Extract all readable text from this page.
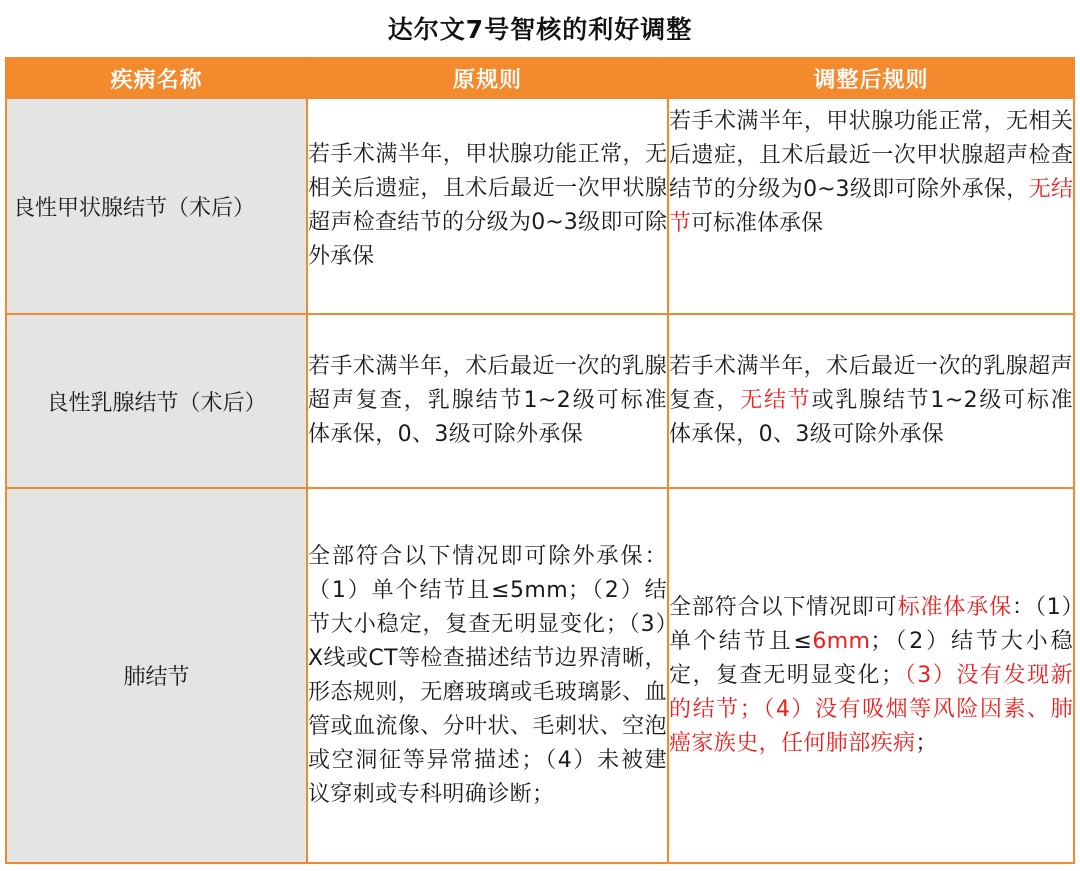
达尔文7号智核的利好调整
疾病名称	原规则	调整后规则
良性甲状腺结节（术后）	若手术满半年，甲状腺功能正常，无相关后遗症，且术后最近一次甲状腺超声检查结节的分级为0~3级即可除外承保	若手术满半年，甲状腺功能正常，无相关后遗症，且术后最近一次甲状腺超声检查结节的分级为0~3级即可除外承保，无结节可标准体承保
良性乳腺结节（术后）	若手术满半年，术后最近一次的乳腺超声复查，乳腺结节1~2级可标准体承保，0、3级可除外承保	若手术满半年，术后最近一次的乳腺超声复查，无结节或乳腺结节1~2级可标准体承保，0、3级可除外承保
肺结节	全部符合以下情况即可除外承保：（1）单个结节且≤5mm；（2）结节大小稳定，复查无明显变化；（3）X线或CT等检查描述结节边界清晰，形态规则，无磨玻璃或毛玻璃影、血管或血流像、分叶状、毛刺状、空泡或空洞征等异常描述；（4）未被建议穿刺或专科明确诊断；	全部符合以下情况即可标准体承保：（1）单个结节且≤6mm；（2）结节大小稳定，复查无明显变化；（3）没有发现新的结节；（4）没有吸烟等风险因素、肺癌家族史，任何肺部疾病；
